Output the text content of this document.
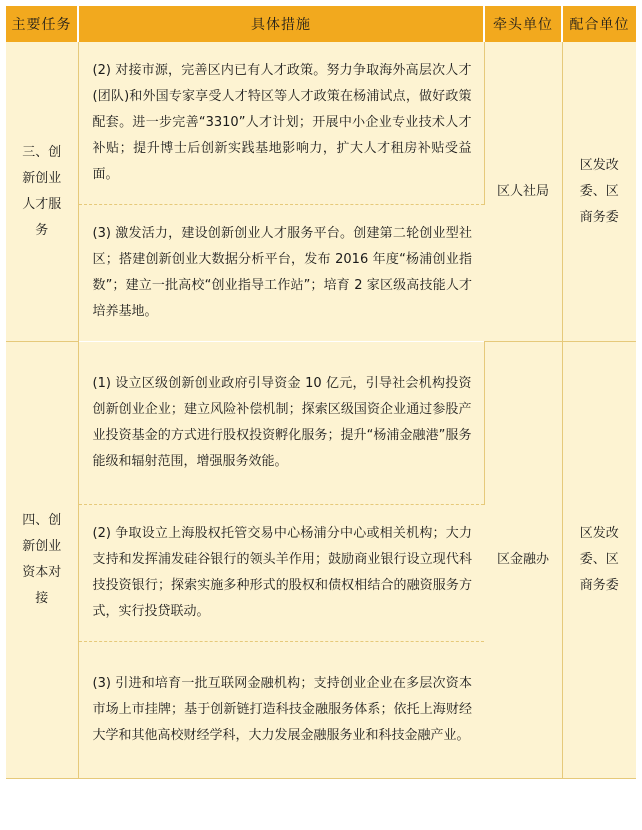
主要任务	具体措施	牵头单位	配合单位

三、创新创业人才服务	(2) 对接市源，完善区内已有人才政策。努力争取海外高层次人才(团队)和外国专家享受人才特区等人才政策在杨浦试点，做好政策配套。进一步完善“3310”人才计划；开展中小企业专业技术人才补贴；提升博士后创新实践基地影响力，扩大人才租房补贴受益面。	区人社局	区发改委、区商务委

	(3) 激发活力，建设创新创业人才服务平台。创建第二轮创业型社区；搭建创新创业大数据分析平台，发布 2016 年度“杨浦创业指数”；建立一批高校“创业指导工作站”；培育 2 家区级高技能人才培养基地。		

四、创新创业资本对接	(1) 设立区级创新创业政府引导资金 10 亿元，引导社会机构投资创新创业企业；建立风险补偿机制；探索区级国资企业通过参股产业投资基金的方式进行股权投资孵化服务；提升“杨浦金融港”服务能级和辐射范围，增强服务效能。	区金融办	区发改委、区商务委

	(2) 争取设立上海股权托管交易中心杨浦分中心或相关机构；大力支持和发挥浦发硅谷银行的领头羊作用；鼓励商业银行设立现代科技投资银行；探索实施多种形式的股权和债权相结合的融资服务方式，实行投贷联动。		
	(3) 引进和培育一批互联网金融机构；支持创业企业在多层次资本市场上市挂牌；基于创新链打造科技金融服务体系；依托上海财经大学和其他高校财经学科，大力发展金融服务业和科技金融产业。		
